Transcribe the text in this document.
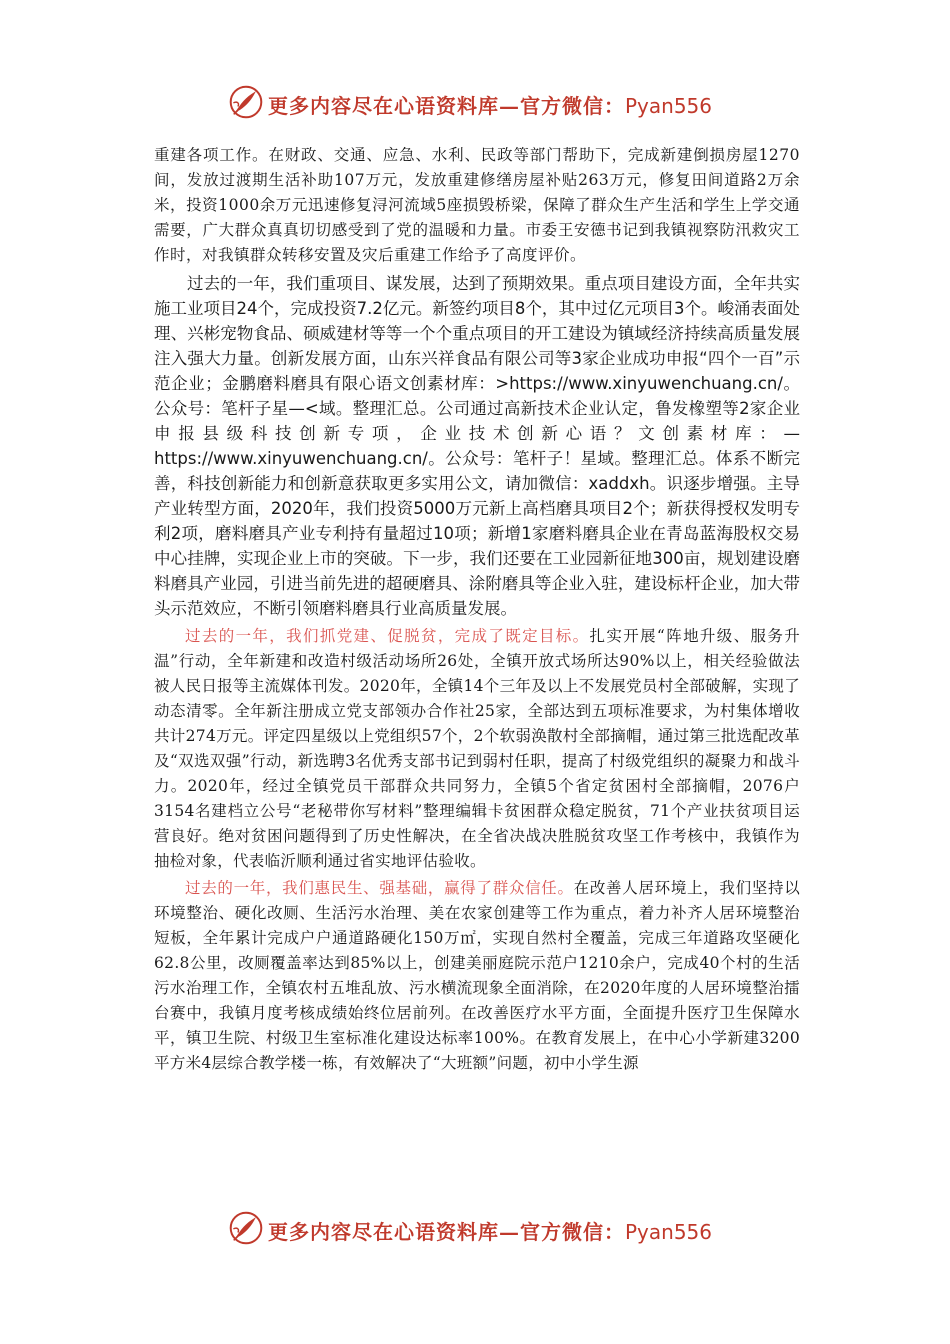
更多内容尽在心语资料库—官方微信：Pyan556

重建各项工作。在财政、交通、应急、水利、民政等部门帮助下，完成新建倒损房屋1270间，发放过渡期生活补助107万元，发放重建修缮房屋补贴263万元，修复田间道路2万余米，投资1000余万元迅速修复浔河流域5座损毁桥梁，保障了群众生产生活和学生上学交通需要，广大群众真真切切感受到了党的温暖和力量。市委王安德书记到我镇视察防汛救灾工作时，对我镇群众转移安置及灾后重建工作给予了高度评价。

过去的一年，我们重项目、谋发展，达到了预期效果。重点项目建设方面，全年共实施工业项目24个，完成投资7.2亿元。新签约项目8个，其中过亿元项目3个。峻涌表面处理、兴彬宠物食品、硕威建材等等一个个重点项目的开工建设为镇域经济持续高质量发展注入强大力量。创新发展方面，山东兴祥食品有限公司等3家企业成功申报“四个一百”示范企业；金鹏磨料磨具有限心语文创素材库：>https://www.xinyuwenchuang.cn/。公众号：笔杆子星—<域。整理汇总。公司通过高新技术企业认定，鲁发橡塑等2家企业申报县级科技创新专项，企业技术创新心语？文创素材库：—https://www.xinyuwenchuang.cn/。公众号：笔杆子！星域。整理汇总。体系不断完善，科技创新能力和创新意获取更多实用公文，请加微信：xaddxh。识逐步增强。主导产业转型方面，2020年，我们投资5000万元新上高档磨具项目2个；新获得授权发明专利2项，磨料磨具产业专利持有量超过10项；新增1家磨料磨具企业在青岛蓝海股权交易中心挂牌，实现企业上市的突破。下一步，我们还要在工业园新征地300亩，规划建设磨料磨具产业园，引进当前先进的超硬磨具、涂附磨具等企业入驻，建设标杆企业，加大带头示范效应，不断引领磨料磨具行业高质量发展。

过去的一年，我们抓党建、促脱贫，完成了既定目标。扎实开展“阵地升级、服务升温”行动，全年新建和改造村级活动场所26处，全镇开放式场所达90%以上，相关经验做法被人民日报等主流媒体刊发。2020年，全镇14个三年及以上不发展党员村全部破解，实现了动态清零。全年新注册成立党支部领办合作社25家，全部达到五项标准要求，为村集体增收共计274万元。评定四星级以上党组织57个，2个软弱涣散村全部摘帽，通过第三批选配改革及“双选双强”行动，新选聘3名优秀支部书记到弱村任职，提高了村级党组织的凝聚力和战斗力。2020年，经过全镇党员干部群众共同努力，全镇5个省定贫困村全部摘帽，2076户3154名建档立公号“老秘带你写材料”整理编辑卡贫困群众稳定脱贫，71个产业扶贫项目运营良好。绝对贫困问题得到了历史性解决，在全省决战决胜脱贫攻坚工作考核中，我镇作为抽检对象，代表临沂顺利通过省实地评估验收。

过去的一年，我们惠民生、强基础，赢得了群众信任。在改善人居环境上，我们坚持以环境整治、硬化改厕、生活污水治理、美在农家创建等工作为重点，着力补齐人居环境整治短板，全年累计完成户户通道路硬化150万㎡，实现自然村全覆盖，完成三年道路攻坚硬化62.8公里，改厕覆盖率达到85%以上，创建美丽庭院示范户1210余户，完成40个村的生活污水治理工作，全镇农村五堆乱放、污水横流现象全面消除，在2020年度的人居环境整治擂台赛中，我镇月度考核成绩始终位居前列。在改善医疗水平方面，全面提升医疗卫生保障水平，镇卫生院、村级卫生室标准化建设达标率100%。在教育发展上，在中心小学新建3200平方米4层综合教学楼一栋，有效解决了“大班额”问题，初中小学生源

更多内容尽在心语资料库—官方微信：Pyan556
